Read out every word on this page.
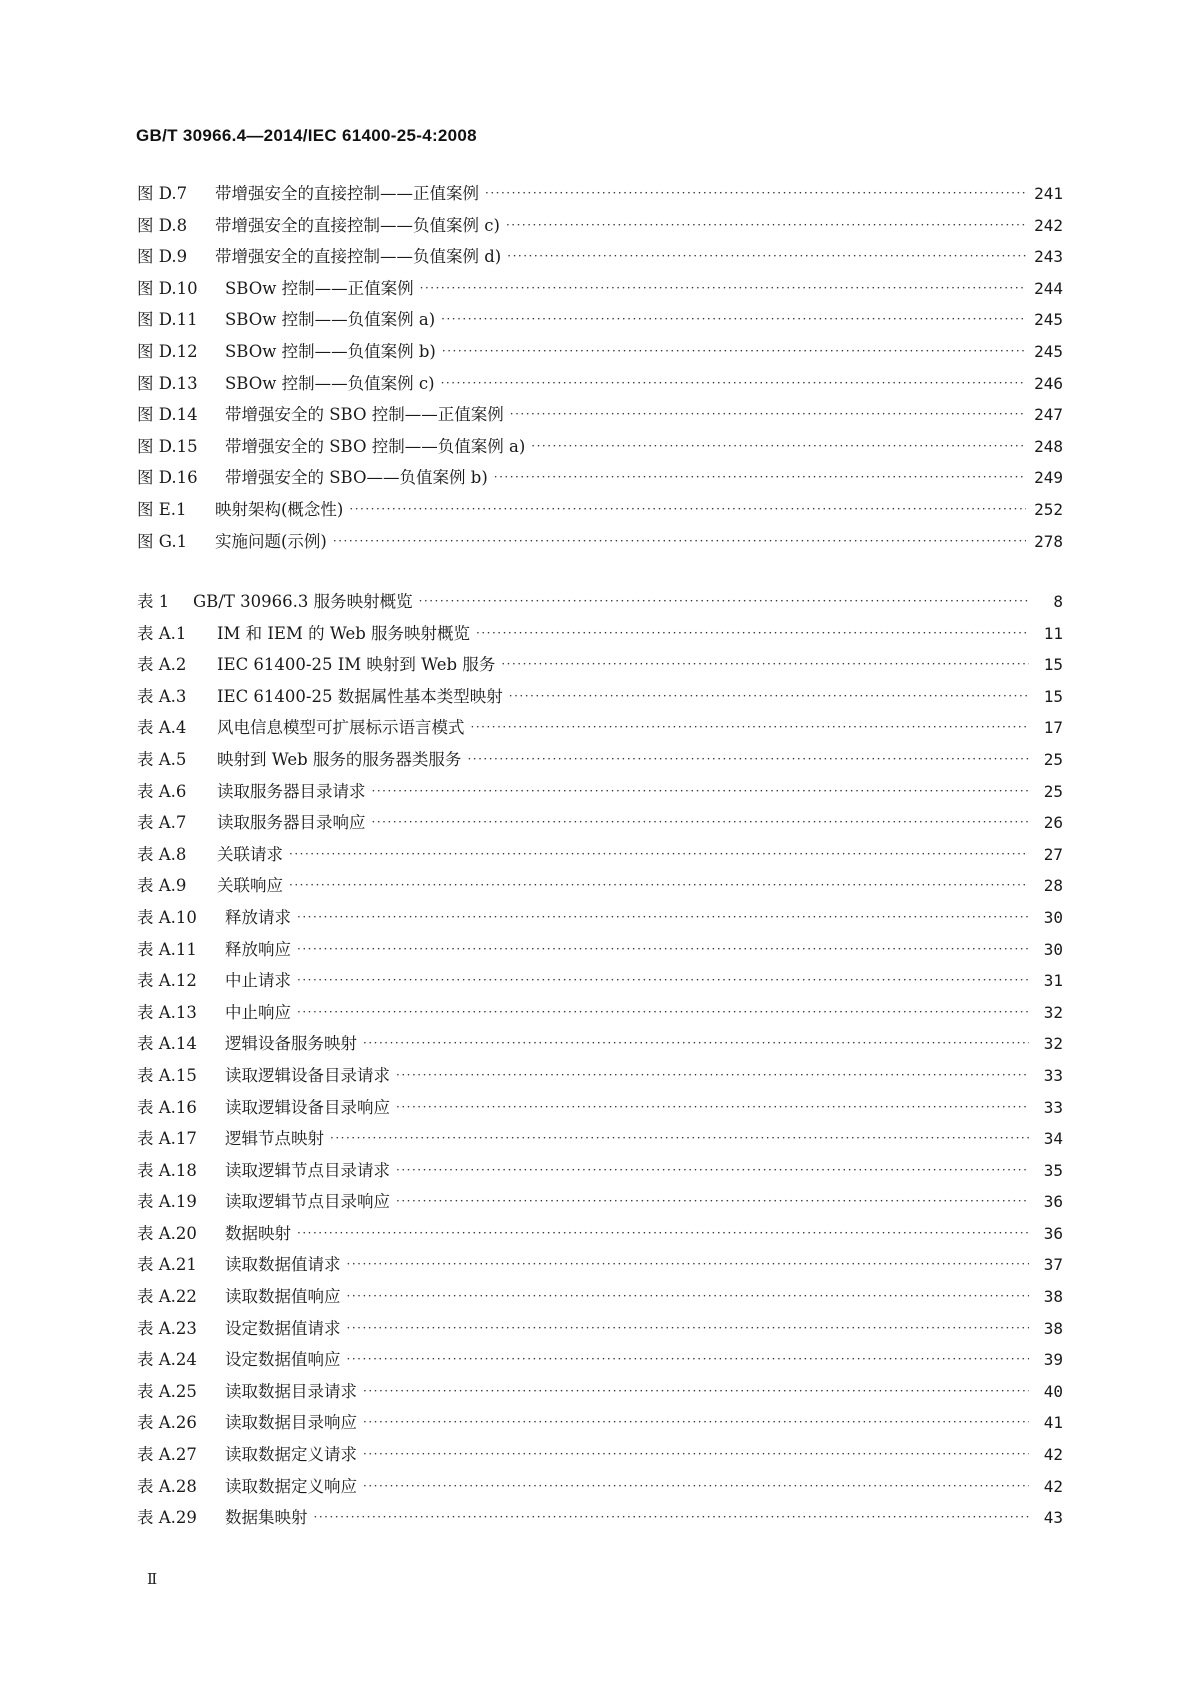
GB/T 30966.4—2014/IEC 61400-25-4:2008
图 D.7	带增强安全的直接控制——正值案例 ·····	241
图 D.8	带增强安全的直接控制——负值案例 c) ·····	242
图 D.9	带增强安全的直接控制——负值案例 d) ·····	243
图 D.10	SBOw 控制——正值案例 ·····	244
图 D.11	SBOw 控制——负值案例 a) ·····	245
图 D.12	SBOw 控制——负值案例 b) ·····	245
图 D.13	SBOw 控制——负值案例 c) ·····	246
图 D.14	带增强安全的 SBO 控制——正值案例 ·····	247
图 D.15	带增强安全的 SBO 控制——负值案例 a) ·····	248
图 D.16	带增强安全的 SBO——负值案例 b) ·····	249
图 E.1	映射架构(概念性) ·····	252
图 G.1	实施问题(示例) ·····	278
表 1	GB/T 30966.3 服务映射概览 ·····	8
表 A.1	IM 和 IEM 的 Web 服务映射概览 ·····	11
表 A.2	IEC 61400-25 IM 映射到 Web 服务 ·····	15
表 A.3	IEC 61400-25 数据属性基本类型映射 ·····	15
表 A.4	风电信息模型可扩展标示语言模式 ·····	17
表 A.5	映射到 Web 服务的服务器类服务 ·····	25
表 A.6	读取服务器目录请求 ·····	25
表 A.7	读取服务器目录响应 ·····	26
表 A.8	关联请求 ·····	27
表 A.9	关联响应 ·····	28
表 A.10	释放请求 ·····	30
表 A.11	释放响应 ·····	30
表 A.12	中止请求 ·····	31
表 A.13	中止响应 ·····	32
表 A.14	逻辑设备服务映射 ·····	32
表 A.15	读取逻辑设备目录请求 ·····	33
表 A.16	读取逻辑设备目录响应 ·····	33
表 A.17	逻辑节点映射 ·····	34
表 A.18	读取逻辑节点目录请求 ·····	35
表 A.19	读取逻辑节点目录响应 ·····	36
表 A.20	数据映射 ·····	36
表 A.21	读取数据值请求 ·····	37
表 A.22	读取数据值响应 ·····	38
表 A.23	设定数据值请求 ·····	38
表 A.24	设定数据值响应 ·····	39
表 A.25	读取数据目录请求 ·····	40
表 A.26	读取数据目录响应 ·····	41
表 A.27	读取数据定义请求 ·····	42
表 A.28	读取数据定义响应 ·····	42
表 A.29	数据集映射 ·····	43
Ⅱ
